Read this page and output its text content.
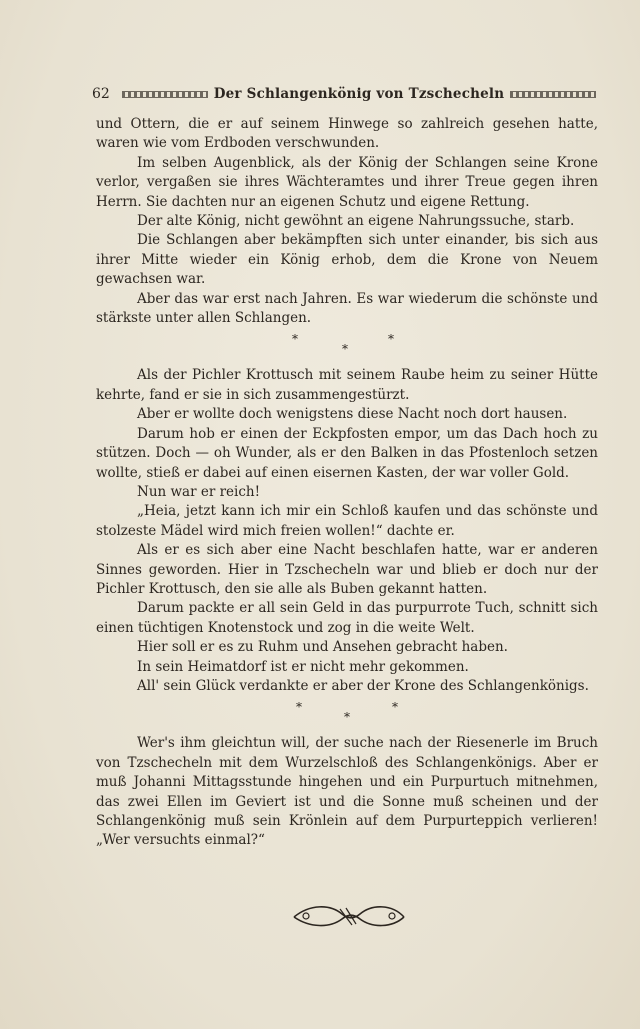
62	Der Schlangenkönig von Tzschecheln

und Ottern, die er auf seinem Hinwege so zahlreich gesehen hatte, waren wie vom Erdboden verschwunden.

Im selben Augenblick, als der König der Schlangen seine Krone verlor, vergaßen sie ihres Wächteramtes und ihrer Treue gegen ihren Herrn. Sie dachten nur an eigenen Schutz und eigene Rettung.

Der alte König, nicht gewöhnt an eigene Nahrungssuche, starb.

Die Schlangen aber bekämpften sich unter einander, bis sich aus ihrer Mitte wieder ein König erhob, dem die Krone von Neuem gewachsen war.

Aber das war erst nach Jahren. Es war wiederum die schönste und stärkste unter allen Schlangen.

*
*
*

Als der Pichler Krottusch mit seinem Raube heim zu seiner Hütte kehrte, fand er sie in sich zusammengestürzt.

Aber er wollte doch wenigstens diese Nacht noch dort hausen.

Darum hob er einen der Eckpfosten empor, um das Dach hoch zu stützen. Doch — oh Wunder, als er den Balken in das Pfostenloch setzen wollte, stieß er dabei auf einen eisernen Kasten, der war voller Gold.

Nun war er reich!

„Heia, jetzt kann ich mir ein Schloß kaufen und das schönste und stolzeste Mädel wird mich freien wollen!“ dachte er.

Als er es sich aber eine Nacht beschlafen hatte, war er anderen Sinnes geworden. Hier in Tzschecheln war und blieb er doch nur der Pichler Krottusch, den sie alle als Buben gekannt hatten.

Darum packte er all sein Geld in das purpurrote Tuch, schnitt sich einen tüchtigen Knotenstock und zog in die weite Welt.

Hier soll er es zu Ruhm und Ansehen gebracht haben.

In sein Heimatdorf ist er nicht mehr gekommen.

All' sein Glück verdankte er aber der Krone des Schlangenkönigs.

*
*
*

Wer's ihm gleichtun will, der suche nach der Riesenerle im Bruch von Tzschecheln mit dem Wurzelschloß des Schlangenkönigs. Aber er muß Johanni Mittagsstunde hingehen und ein Purpurtuch mitnehmen, das zwei Ellen im Geviert ist und die Sonne muß scheinen und der Schlangenkönig muß sein Krönlein auf dem Purpurteppich verlieren! „Wer versuchts einmal?“
